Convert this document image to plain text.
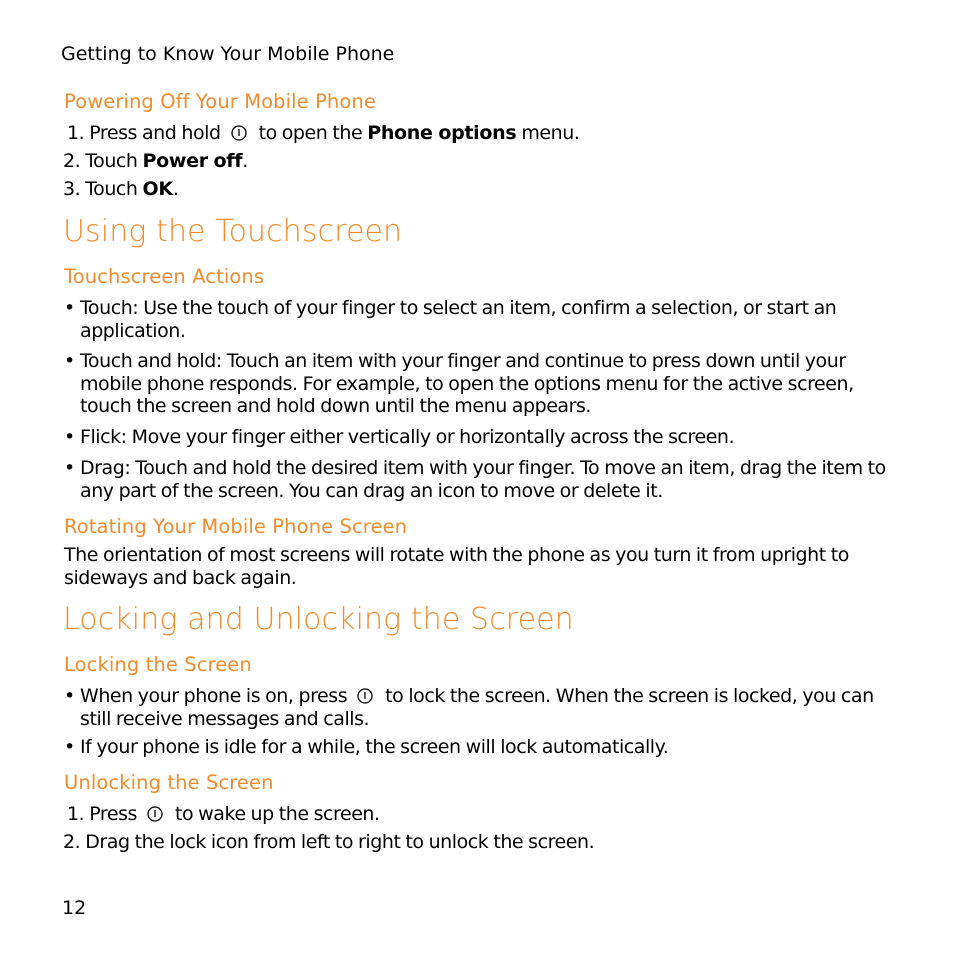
Getting to Know Your Mobile Phone
Powering Off Your Mobile Phone
1. Press and hold to open the Phone options menu.
2. Touch Power off.
3. Touch OK.
Using the Touchscreen
Touchscreen Actions
• Touch: Use the touch of your finger to select an item, confirm a selection, or start an application.
• Touch and hold: Touch an item with your finger and continue to press down until your mobile phone responds. For example, to open the options menu for the active screen, touch the screen and hold down until the menu appears.
• Flick: Move your finger either vertically or horizontally across the screen.
• Drag: Touch and hold the desired item with your finger. To move an item, drag the item to any part of the screen. You can drag an icon to move or delete it.
Rotating Your Mobile Phone Screen
The orientation of most screens will rotate with the phone as you turn it from upright to sideways and back again.
Locking and Unlocking the Screen
Locking the Screen
• When your phone is on, press to lock the screen. When the screen is locked, you can still receive messages and calls.
• If your phone is idle for a while, the screen will lock automatically.
Unlocking the Screen
1. Press to wake up the screen.
2. Drag the lock icon from left to right to unlock the screen.
12
